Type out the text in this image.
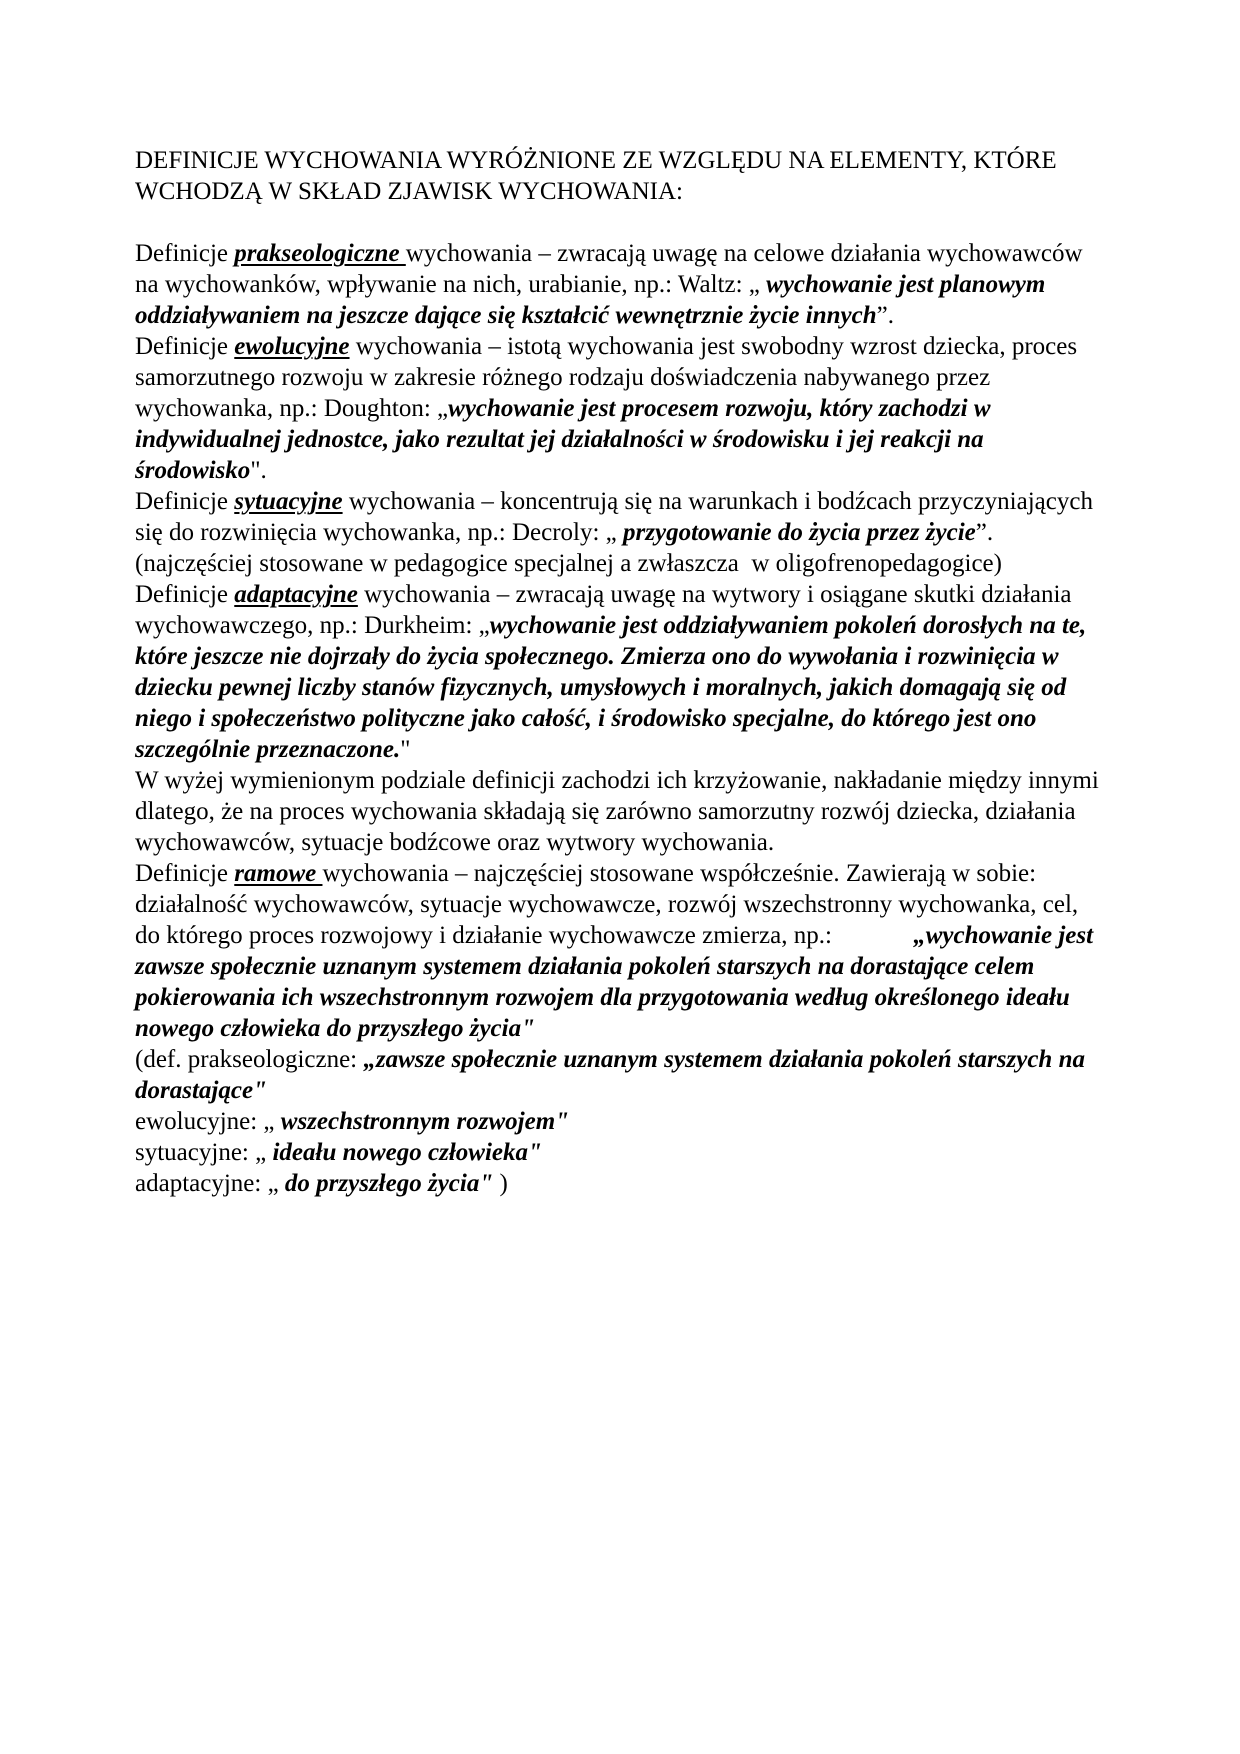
DEFINICJE WYCHOWANIA WYRÓŻNIONE ZE WZGLĘDU NA ELEMENTY, KTÓRE WCHODZĄ W SKŁAD ZJAWISK WYCHOWANIA:

Definicje prakseologiczne wychowania – zwracają uwagę na celowe działania wychowawców na wychowanków, wpływanie na nich, urabianie, np.: Waltz: „ wychowanie jest planowym oddziaływaniem na jeszcze dające się kształcić wewnętrznie życie innych”.

Definicje ewolucyjne wychowania – istotą wychowania jest swobodny wzrost dziecka, proces samorzutnego rozwoju w zakresie różnego rodzaju doświadczenia nabywanego przez wychowanka, np.: Doughton: „wychowanie jest procesem rozwoju, który zachodzi w indywidualnej jednostce, jako rezultat jej działalności w środowisku i jej reakcji na środowisko".

Definicje sytuacyjne wychowania – koncentrują się na warunkach i bodźcach przyczyniających się do rozwinięcia wychowanka, np.: Decroly: „ przygotowanie do życia przez życie”.(najczęściej stosowane w pedagogice specjalnej a zwłaszcza  w oligofrenopedagogice)

Definicje adaptacyjne wychowania – zwracają uwagę na wytwory i osiągane skutki działania wychowawczego, np.: Durkheim: „wychowanie jest oddziaływaniem pokoleń dorosłych na te, które jeszcze nie dojrzały do życia społecznego. Zmierza ono do wywołania i rozwinięcia w dziecku pewnej liczby stanów fizycznych, umysłowych i moralnych, jakich domagają się od niego i społeczeństwo polityczne jako całość, i środowisko specjalne, do którego jest ono szczególnie przeznaczone."

W wyżej wymienionym podziale definicji zachodzi ich krzyżowanie, nakładanie między innymi dlatego, że na proces wychowania składają się zarówno samorzutny rozwój dziecka, działania wychowawców, sytuacje bodźcowe oraz wytwory wychowania.

Definicje ramowe wychowania – najczęściej stosowane współcześnie. Zawierają w sobie: działalność wychowawców, sytuacje wychowawcze, rozwój wszechstronny wychowanka, cel, do którego proces rozwojowy i działanie wychowawcze zmierza, np.:             „wychowanie jest zawsze społecznie uznanym systemem działania pokoleń starszych na dorastające celem pokierowania ich wszechstronnym rozwojem dla przygotowania według określonego ideału nowego człowieka do przyszłego życia"

(def. prakseologiczne: „zawsze społecznie uznanym systemem działania pokoleń starszych na dorastające"

ewolucyjne: „ wszechstronnym rozwojem"

sytuacyjne: „ ideału nowego człowieka"

adaptacyjne: „ do przyszłego życia" )
